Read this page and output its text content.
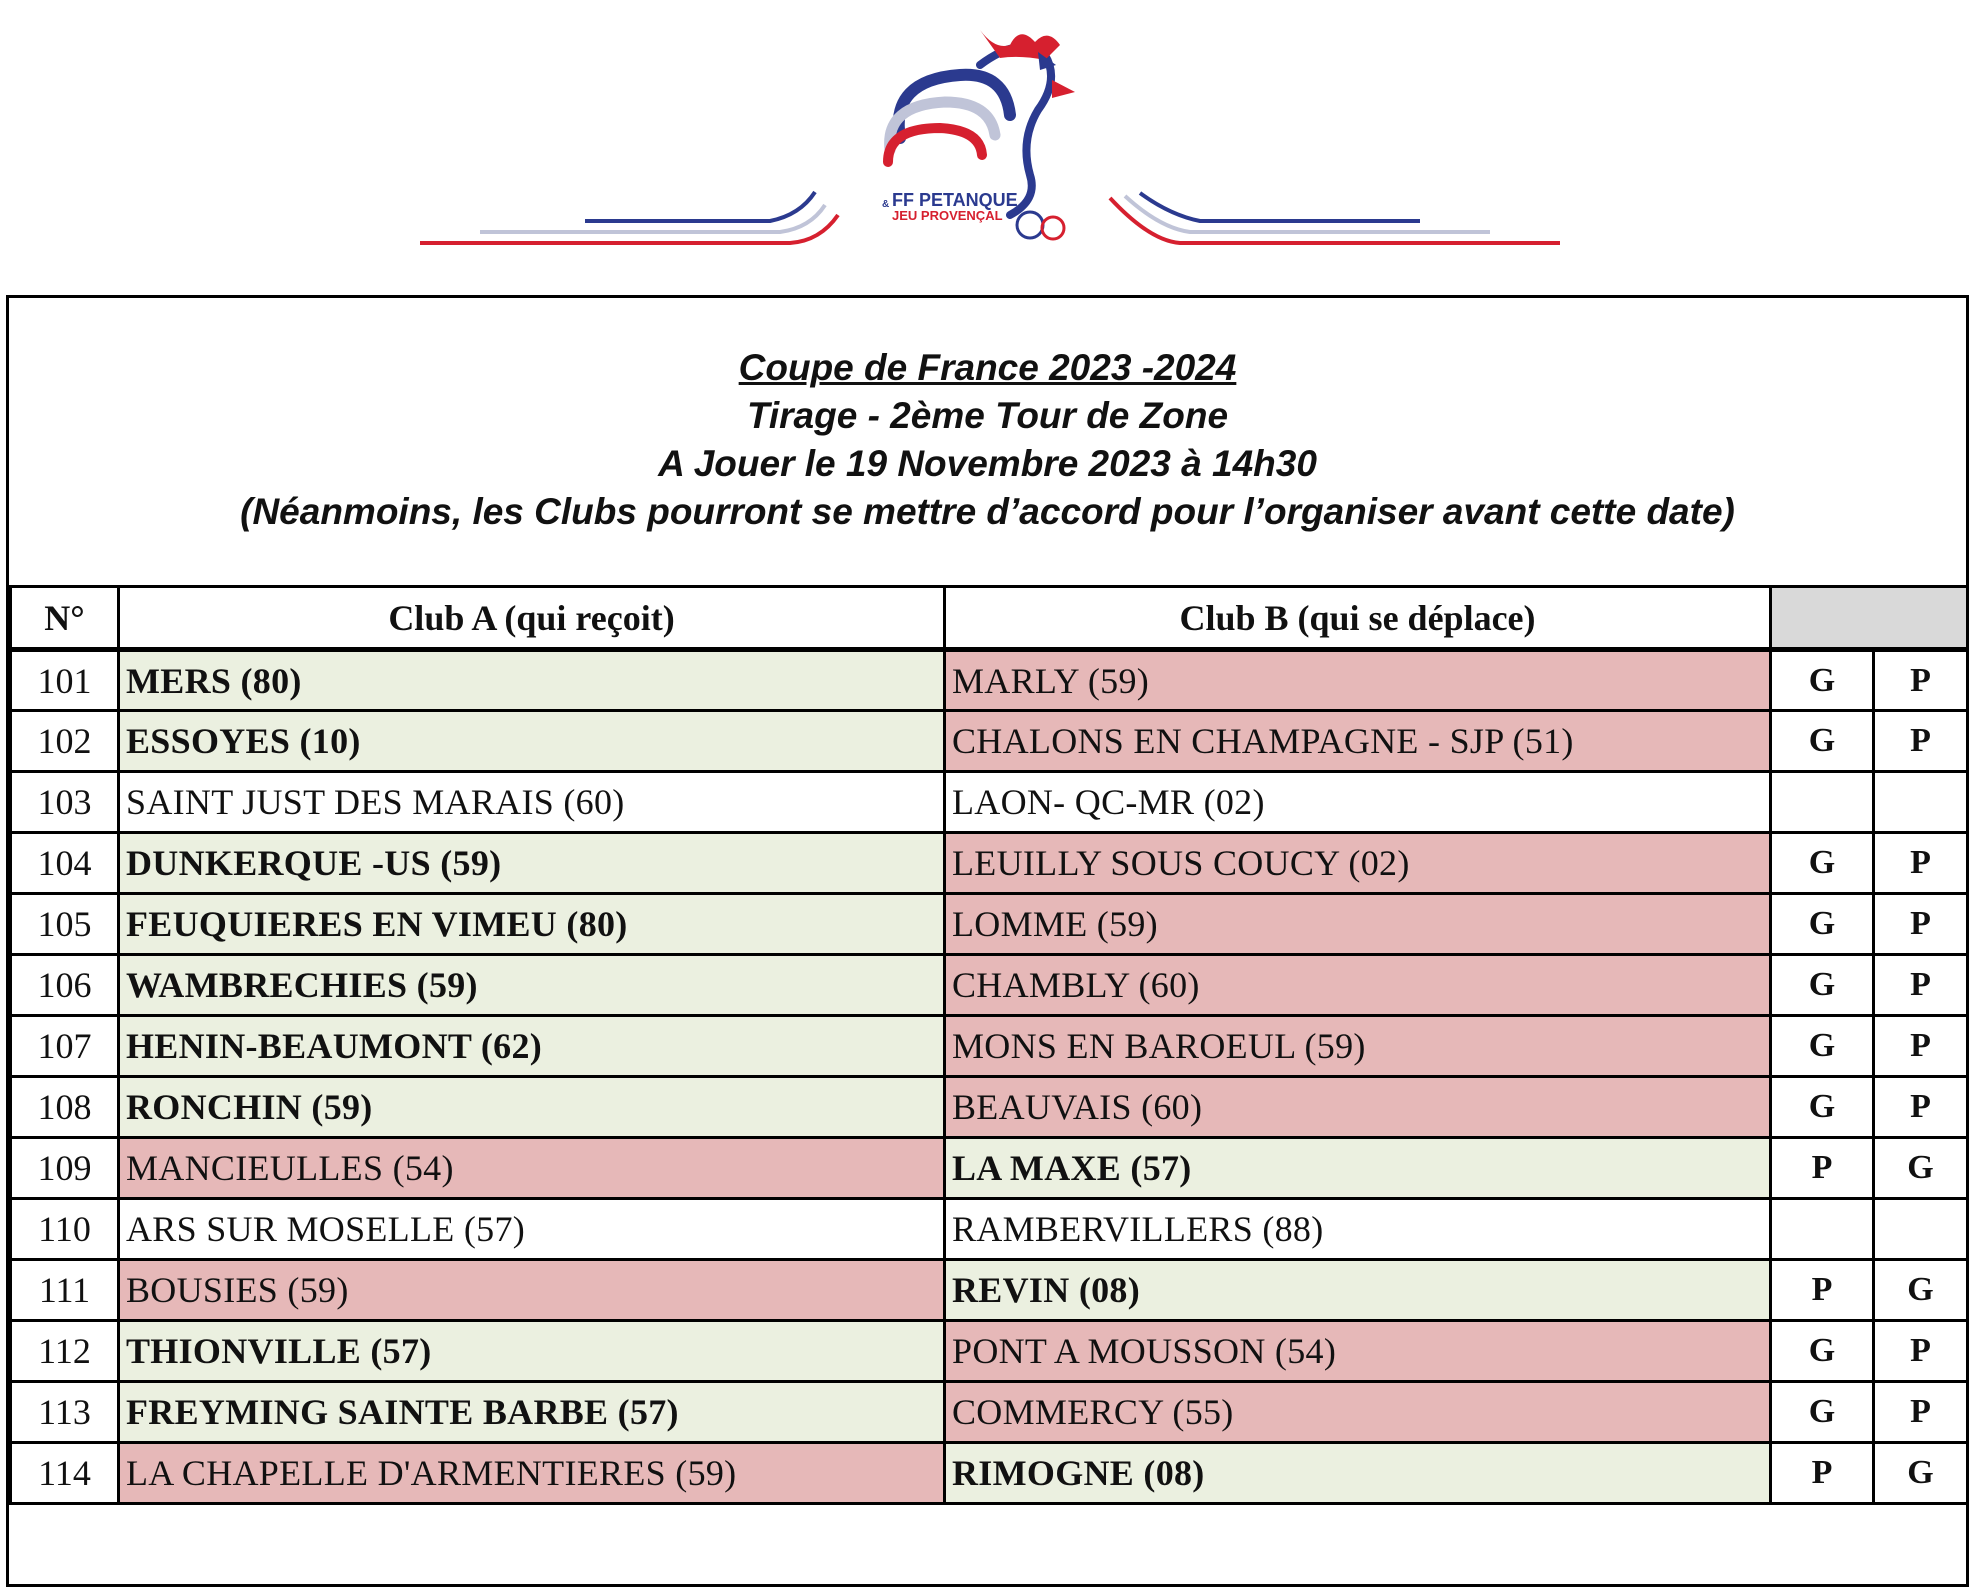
FF PETANQUE
&
JEU PROVENÇAL
Coupe de France 2023 -2024
Tirage - 2ème Tour de Zone
A Jouer le 19 Novembre 2023 à 14h30
(Néanmoins, les Clubs pourront se mettre d’accord pour l’organiser avant cette date)
N°	Club A (qui reçoit)	Club B (qui se déplace)		
101	MERS (80)	MARLY (59)	G	P
102	ESSOYES (10)	CHALONS EN CHAMPAGNE - SJP (51)	G	P
103	SAINT JUST DES MARAIS (60)	LAON- QC-MR (02)		
104	DUNKERQUE -US (59)	LEUILLY SOUS COUCY (02)	G	P
105	FEUQUIERES EN VIMEU (80)	LOMME (59)	G	P
106	WAMBRECHIES (59)	CHAMBLY (60)	G	P
107	HENIN-BEAUMONT (62)	MONS EN BAROEUL (59)	G	P
108	RONCHIN (59)	BEAUVAIS (60)	G	P
109	MANCIEULLES (54)	LA MAXE (57)	P	G
110	ARS SUR MOSELLE (57)	RAMBERVILLERS (88)		
111	BOUSIES (59)	REVIN (08)	P	G
112	THIONVILLE (57)	PONT A MOUSSON (54)	G	P
113	FREYMING SAINTE BARBE (57)	COMMERCY (55)	G	P
114	LA CHAPELLE D'ARMENTIERES (59)	RIMOGNE (08)	P	G
